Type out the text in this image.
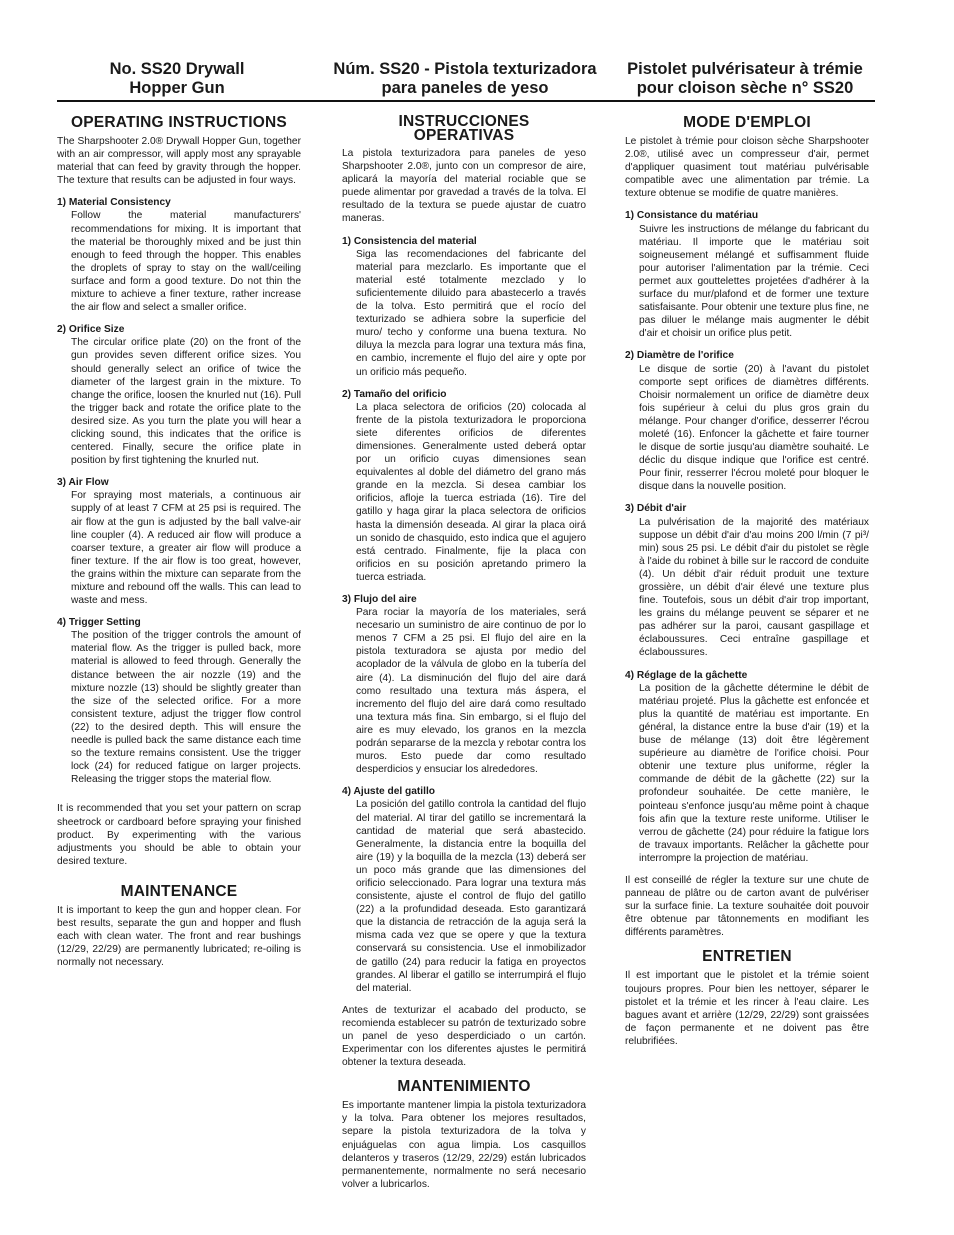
No. SS20 Drywall
Hopper Gun
Núm. SS20 - Pistola texturizadora
para paneles de yeso
Pistolet pulvérisateur à trémie
pour cloison sèche n° SS20
OPERATING INSTRUCTIONS

The Sharpshooter 2.0® Drywall Hopper Gun, together with an air compressor, will apply most any sprayable material that can feed by gravity through the hopper. The texture that results can be adjusted in four ways.

1) Material Consistency

Follow the material manufacturers' recommendations for mixing. It is important that the material be thoroughly mixed and be just thin enough to feed through the hopper. This enables the droplets of spray to stay on the wall/ceiling surface and form a good texture. Do not thin the mixture to achieve a finer texture, rather increase the air flow and select a smaller orifice.

2) Orifice Size

The circular orifice plate (20) on the front of the gun provides seven different orifice sizes. You should generally select an orifice of twice the diameter of the largest grain in the mixture. To change the orifice, loosen the knurled nut (16). Pull the trigger back and rotate the orifice plate to the desired size. As you turn the plate you will hear a clicking sound, this indicates that the orifice is centered. Finally, secure the orifice plate in position by first tightening the knurled nut.

3) Air Flow

For spraying most materials, a continuous air supply of at least 7 CFM at 25 psi is required. The air flow at the gun is adjusted by the ball valve-air line coupler (4). A reduced air flow will produce a coarser texture, a greater air flow will produce a finer texture. If the air flow is too great, however, the grains within the mixture can separate from the mixture and rebound off the walls. This can lead to waste and mess.

4) Trigger Setting

The position of the trigger controls the amount of material flow. As the trigger is pulled back, more material is allowed to feed through. Generally the distance between the air nozzle (19) and the mixture nozzle (13) should be slightly greater than the size of the selected orifice. For a more consistent texture, adjust the trigger flow control (22) to the desired depth. This will ensure the needle is pulled back the same distance each time so the texture remains consistent. Use the trigger lock (24) for reduced fatigue on larger projects. Releasing the trigger stops the material flow.

It is recommended that you set your pattern on scrap sheetrock or cardboard before spraying your finished product. By experimenting with the various adjustments you should be able to obtain your desired texture.

MAINTENANCE

It is important to keep the gun and hopper clean. For best results, separate the gun and hopper and flush each with clean water. The front and rear bushings (12/29, 22/29) are permanently lubricated; re-oiling is normally not necessary.

INSTRUCCIONES OPERATIVAS

La pistola texturizadora para paneles de yeso Sharpshooter 2.0®, junto con un compresor de aire, aplicará la mayoría del material rociable que se puede alimentar por gravedad a través de la tolva. El resultado de la textura se puede ajustar de cuatro maneras.

1) Consistencia del material

Siga las recomendaciones del fabricante del material para mezclarlo. Es importante que el material esté totalmente mezclado y lo suficientemente diluido para abastecerlo a través de la tolva. Esto permitirá que el rocío del texturizado se adhiera sobre la superficie del muro/ techo y conforme una buena textura. No diluya la mezcla para lograr una textura más fina, en cambio, incremente el flujo del aire y opte por un orificio más pequeño.

2) Tamaño del orificio

La placa selectora de orificios (20) colocada al frente de la pistola texturizadora le proporciona siete diferentes orificios de diferentes dimensiones. Generalmente usted deberá optar por un orificio cuyas dimensiones sean equivalentes al doble del diámetro del grano más grande en la mezcla. Si desea cambiar los orificios, afloje la tuerca estriada (16). Tire del gatillo y haga girar la placa selectora de orificios hasta la dimensión deseada. Al girar la placa oirá un sonido de chasquido, esto indica que el agujero está centrado. Finalmente, fije la placa con orificios en su posición apretando primero la tuerca estriada.

3) Flujo del aire

Para rociar la mayoría de los materiales, será necesario un suministro de aire continuo de por lo menos 7 CFM a 25 psi. El flujo del aire en la pistola texturadora se ajusta por medio del acoplador de la válvula de globo en la tubería del aire (4). La disminución del flujo del aire dará como resultado una textura más áspera, el incremento del flujo del aire dará como resultado una textura más fina. Sin embargo, si el flujo del aire es muy elevado, los granos en la mezcla podrán separarse de la mezcla y rebotar contra los muros. Esto puede dar como resultado desperdicios y ensuciar los alrededores.

4) Ajuste del gatillo

La posición del gatillo controla la cantidad del flujo del material. Al tirar del gatillo se incrementará la cantidad de material que será abastecido. Generalmente, la distancia entre la boquilla del aire (19) y la boquilla de la mezcla (13) deberá ser un poco más grande que las dimensiones del orificio seleccionado. Para lograr una textura más consistente, ajuste el control de flujo del gatillo (22) a la profundidad deseada. Esto garantizará que la distancia de retracción de la aguja será la misma cada vez que se opere y que la textura conservará su consistencia. Use el inmobilizador de gatillo (24) para reducir la fatiga en proyectos grandes. Al liberar el gatillo se interrumpirá el flujo del material.

Antes de texturizar el acabado del producto, se recomienda establecer su patrón de texturizado sobre un panel de yeso desperdiciado o un cartón. Experimentar con los diferentes ajustes le permitirá obtener la textura deseada.

MANTENIMIENTO

Es importante mantener limpia la pistola texturizadora y la tolva. Para obtener los mejores resultados, separe la pistola texturizadora de la tolva y enjuáguelas con agua limpia. Los casquillos delanteros y traseros (12/29, 22/29) están lubricados permanentemente, normalmente no será necesario volver a lubricarlos.

MODE D'EMPLOI

Le pistolet à trémie pour cloison sèche Sharpshooter 2.0®, utilisé avec un compresseur d'air, permet d'appliquer quasiment tout matériau pulvérisable compatible avec une alimentation par trémie. La texture obtenue se modifie de quatre manières.

1) Consistance du matériau

Suivre les instructions de mélange du fabricant du matériau. Il importe que le matériau soit soigneusement mélangé et suffisamment fluide pour autoriser l'alimentation par la trémie. Ceci permet aux gouttelettes projetées d'adhérer à la surface du mur/plafond et de former une texture satisfaisante. Pour obtenir une texture plus fine, ne pas diluer le mélange mais augmenter le débit d'air et choisir un orifice plus petit.

2) Diamètre de l'orifice

Le disque de sortie (20) à l'avant du pistolet comporte sept orifices de diamètres différents. Choisir normalement un orifice de diamètre deux fois supérieur à celui du plus gros grain du mélange. Pour changer d'orifice, desserrer l'écrou moleté (16). Enfoncer la gâchette et faire tourner le disque de sortie jusqu'au diamètre souhaité. Le déclic du disque indique que l'orifice est centré. Pour finir, resserrer l'écrou moleté pour bloquer le disque dans la nouvelle position.

3) Débit d'air

La pulvérisation de la majorité des matériaux suppose un débit d'air d'au moins 200 l/min (7 pi³/ min) sous 25 psi. Le débit d'air du pistolet se règle à l'aide du robinet à bille sur le raccord de conduite (4). Un débit d'air réduit produit une texture grossière, un débit d'air élevé une texture plus fine. Toutefois, sous un débit d'air trop important, les grains du mélange peuvent se séparer et ne pas adhérer sur la paroi, causant gaspillage et éclaboussures. Ceci entraîne gaspillage et éclaboussures.

4) Réglage de la gâchette

La position de la gâchette détermine le débit de matériau projeté. Plus la gâchette est enfoncée et plus la quantité de matériau est importante. En général, la distance entre la buse d'air (19) et la buse de mélange (13) doit être légèrement supérieure au diamètre de l'orifice choisi. Pour obtenir une texture plus uniforme, régler la commande de débit de la gâchette (22) sur la profondeur souhaitée. De cette manière, le pointeau s'enfonce jusqu'au même point à chaque fois afin que la texture reste uniforme. Utiliser le verrou de gâchette (24) pour réduire la fatigue lors de travaux importants. Relâcher la gâchette pour interrompre la projection de matériau.

Il est conseillé de régler la texture sur une chute de panneau de plâtre ou de carton avant de pulvériser sur la surface finie. La texture souhaitée doit pouvoir être obtenue par tâtonnements en modifiant les différents paramètres.

ENTRETIEN

Il est important que le pistolet et la trémie soient toujours propres. Pour bien les nettoyer, séparer le pistolet et la trémie et les rincer à l'eau claire. Les bagues avant et arrière (12/29, 22/29) sont graissées de façon permanente et ne doivent pas être relubrifiées.
